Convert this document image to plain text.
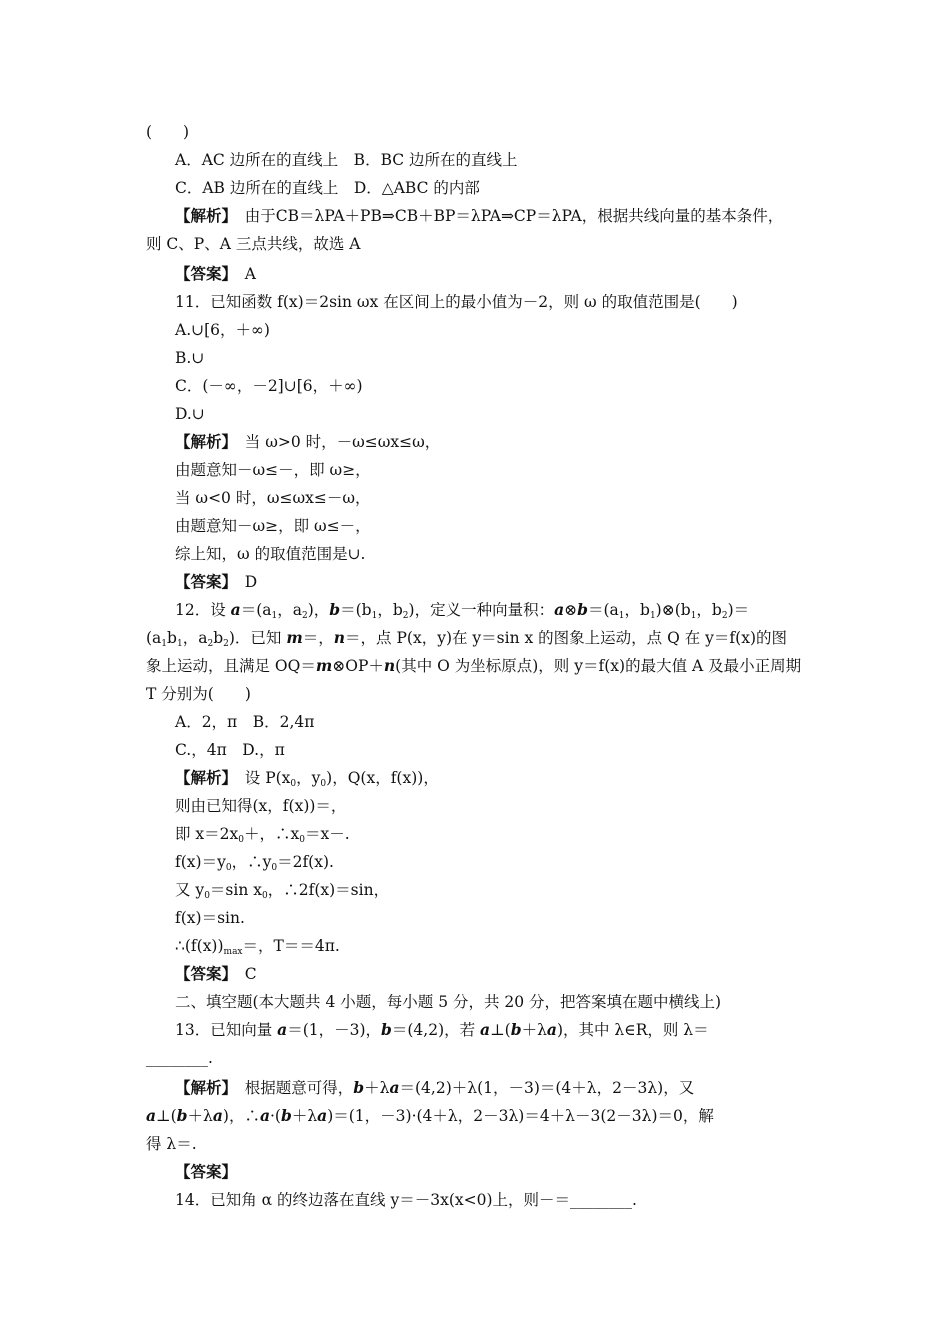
(　　)
A．AC 边所在的直线上　B．BC 边所在的直线上
C．AB 边所在的直线上　D．△ABC 的内部
【解析】　由于CB＝λPA＋PB⇒CB＋BP＝λPA⇒CP＝λPA，根据共线向量的基本条件，
则 C、P、A 三点共线，故选 A
【答案】　A
11．已知函数 f(x)＝2sin ωx 在区间上的最小值为－2，则 ω 的取值范围是(　　)
A.∪[6，＋∞)
B.∪
C．(－∞，－2]∪[6，＋∞)
D.∪
【解析】　当 ω>0 时，－ω≤ωx≤ω，
由题意知－ω≤－，即 ω≥，
当 ω<0 时，ω≤ωx≤－ω，
由题意知－ω≥，即 ω≤－，
综上知，ω 的取值范围是∪.
【答案】　D
12．设 $a=(a_1$，$a_2$)，$b=(b_1$，$b_2$)，定义一种向量积：$a\otimes b=(a_1$，$b_1)\otimes(b_1$，$b_2)=$
($a_1b_1$，$a_2b_2$)．已知 m＝，n＝，点 P(x，y)在 y＝sin x 的图象上运动，点 Q 在 y＝f(x)的图
象上运动，且满足 OQ＝m⊗OP＋n(其中 O 为坐标原点)，则 y＝f(x)的最大值 A 及最小正周期
T 分别为(　　)
A．2，π　B．2,4π
C.，4π　D.，π
【解析】　设 $P(x_0$，$y_0$)，Q(x，f(x))，
则由已知得(x，f(x))＝，
即 $x=2x_0+$，$\therefore x_0=x-$.
$f(x)=y_0$，$\therefore y_0=2f(x)$.
又 $y_0=\sin$ $x_0$，∴2f(x)＝sin，
f(x)＝sin.
$\therefore(f(x))_{max}=$，T＝＝4π.
【答案】　C
二、填空题(本大题共 4 小题，每小题 5 分，共 20 分，把答案填在题中横线上)
13．已知向量 a＝(1，－3)，b＝(4,2)，若 a⊥(b＋λa)，其中 λ∈R，则 λ＝
________.
【解析】　根据题意可得，b＋λa＝(4,2)＋λ(1，－3)＝(4＋λ，2－3λ)，又
a⊥(b＋λa)，∴a·(b＋λa)＝(1，－3)·(4＋λ，2－3λ)＝4＋λ－3(2－3λ)＝0，解
得 λ＝.
【答案】
14．已知角 α 的终边落在直线 y＝－3x(x<0)上，则－＝________.
